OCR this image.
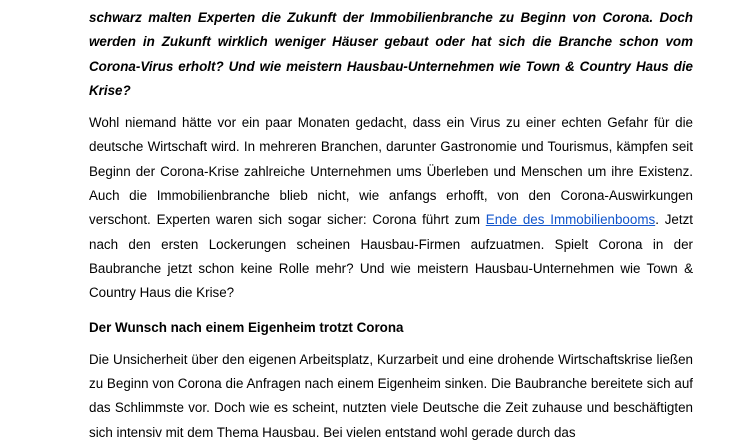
schwarz malten Experten die Zukunft der Immobilienbranche zu Beginn von Corona. Doch werden in Zukunft wirklich weniger Häuser gebaut oder hat sich die Branche schon vom Corona-Virus erholt? Und wie meistern Hausbau-Unternehmen wie Town & Country Haus die Krise?

Wohl niemand hätte vor ein paar Monaten gedacht, dass ein Virus zu einer echten Gefahr für die deutsche Wirtschaft wird. In mehreren Branchen, darunter Gastronomie und Tourismus, kämpfen seit Beginn der Corona-Krise zahlreiche Unternehmen ums Überleben und Menschen um ihre Existenz. Auch die Immobilienbranche blieb nicht, wie anfangs erhofft, von den Corona-Auswirkungen verschont. Experten waren sich sogar sicher: Corona führt zum Ende des Immobilienbooms. Jetzt nach den ersten Lockerungen scheinen Hausbau-Firmen aufzuatmen. Spielt Corona in der Baubranche jetzt schon keine Rolle mehr? Und wie meistern Hausbau-Unternehmen wie Town & Country Haus die Krise?

Der Wunsch nach einem Eigenheim trotzt Corona

Die Unsicherheit über den eigenen Arbeitsplatz, Kurzarbeit und eine drohende Wirtschaftskrise ließen zu Beginn von Corona die Anfragen nach einem Eigenheim sinken. Die Baubranche bereitete sich auf das Schlimmste vor. Doch wie es scheint, nutzten viele Deutsche die Zeit zuhause und beschäftigten sich intensiv mit dem Thema Hausbau. Bei vielen entstand wohl gerade durch das
